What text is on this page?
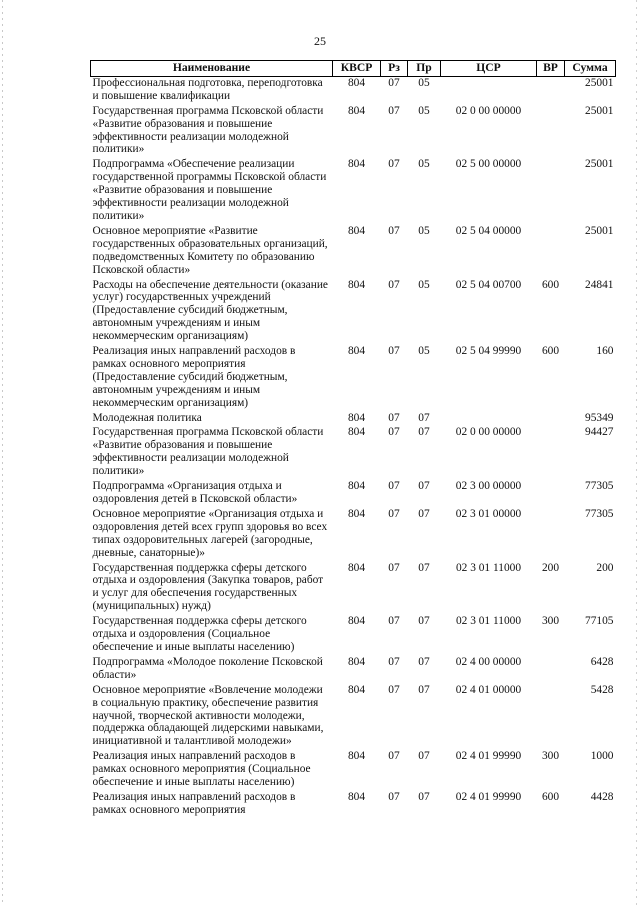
25
Наименование	КВСР	Рз	Пр	ЦСР	ВР	Сумма
Профессиональная подготовка, переподготовка и повышение квалификации	804	07	05			25001
Государственная программа Псковской области «Развитие образования и повышение эффективности реализации молодежной политики»	804	07	05	02 0 00 00000		25001
Подпрограмма «Обеспечение реализации государственной программы Псковской области «Развитие образования и повышение эффективности реализации молодежной политики»	804	07	05	02 5 00 00000		25001
Основное мероприятие «Развитие государственных образовательных организаций, подведомственных Комитету по образованию Псковской области»	804	07	05	02 5 04 00000		25001
Расходы на обеспечение деятельности (оказание услуг) государственных учреждений (Предоставление субсидий бюджетным, автономным учреждениям и иным некоммерческим организациям)	804	07	05	02 5 04 00700	600	24841
Реализация иных направлений расходов в рамках основного мероприятия (Предоставление субсидий бюджетным, автономным учреждениям и иным некоммерческим организациям)	804	07	05	02 5 04 99990	600	160
Молодежная политика	804	07	07			95349
Государственная программа Псковской области «Развитие образования и повышение эффективности реализации молодежной политики»	804	07	07	02 0 00 00000		94427
Подпрограмма «Организация отдыха и оздоровления детей в Псковской области»	804	07	07	02 3 00 00000		77305
Основное мероприятие «Организация отдыха и оздоровления детей всех групп здоровья во всех типах оздоровительных лагерей (загородные, дневные, санаторные)»	804	07	07	02 3 01 00000		77305
Государственная поддержка сферы детского отдыха и оздоровления (Закупка товаров, работ и услуг для обеспечения государственных (муниципальных) нужд)	804	07	07	02 3 01 11000	200	200
Государственная поддержка сферы детского отдыха и оздоровления (Социальное обеспечение и иные выплаты населению)	804	07	07	02 3 01 11000	300	77105
Подпрограмма «Молодое поколение Псковской области»	804	07	07	02 4 00 00000		6428
Основное мероприятие «Вовлечение молодежи в социальную практику, обеспечение развития научной, творческой активности молодежи, поддержка обладающей лидерскими навыками, инициативной и талантливой молодежи»	804	07	07	02 4 01 00000		5428
Реализация иных направлений расходов в рамках основного мероприятия (Социальное обеспечение и иные выплаты населению)	804	07	07	02 4 01 99990	300	1000
Реализация иных направлений расходов в рамках основного мероприятия	804	07	07	02 4 01 99990	600	4428
